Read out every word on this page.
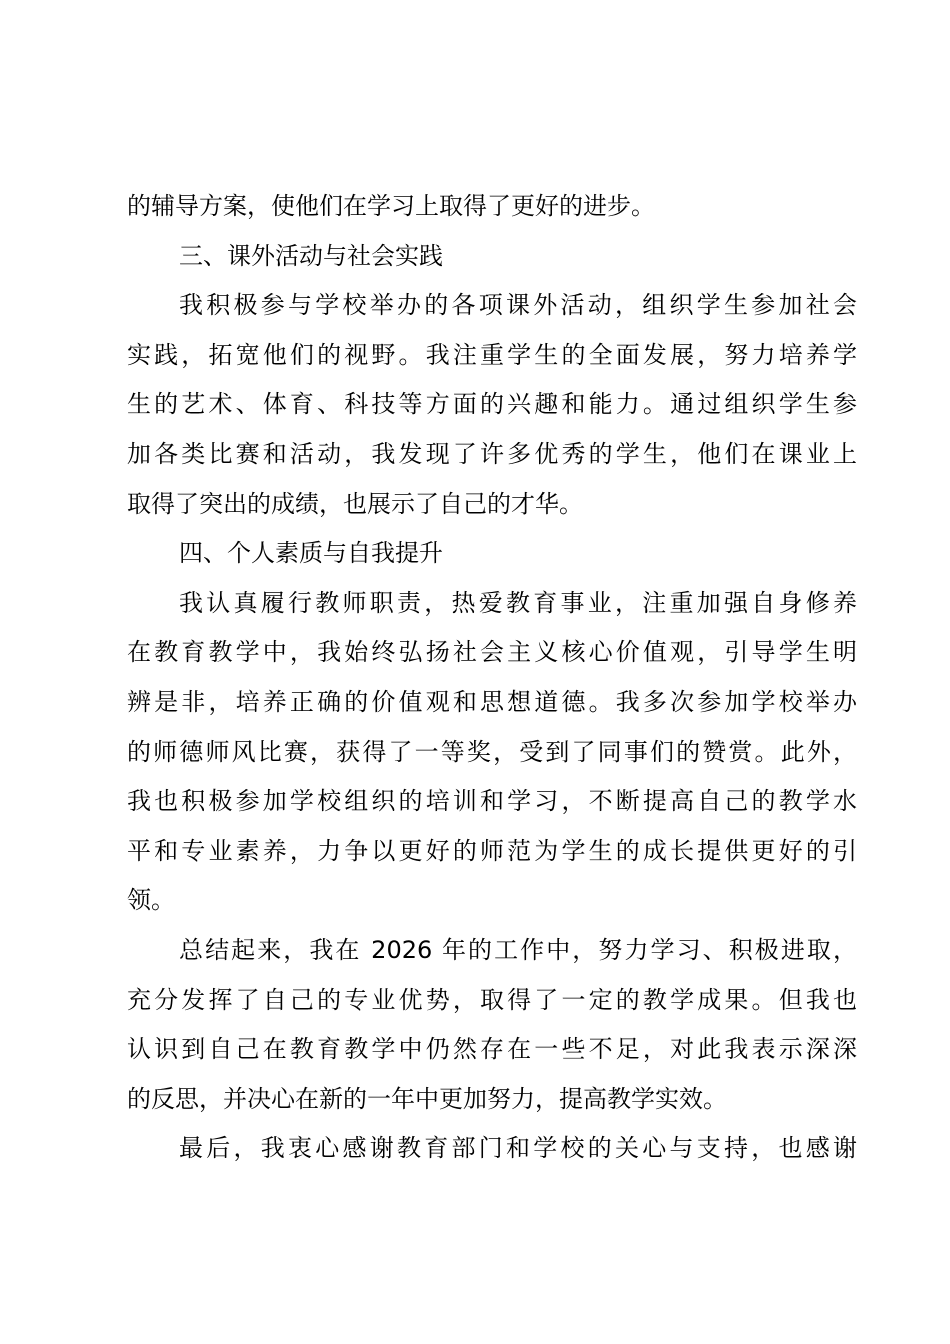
的辅导方案，使他们在学习上取得了更好的进步。
三、课外活动与社会实践
我积极参与学校举办的各项课外活动，组织学生参加社会
实践，拓宽他们的视野。我注重学生的全面发展，努力培养学
生的艺术、体育、科技等方面的兴趣和能力。通过组织学生参
加各类比赛和活动，我发现了许多优秀的学生，他们在课业上
取得了突出的成绩，也展示了自己的才华。
四、个人素质与自我提升
我认真履行教师职责，热爱教育事业，注重加强自身修养
在教育教学中，我始终弘扬社会主义核心价值观，引导学生明
辨是非，培养正确的价值观和思想道德。我多次参加学校举办
的师德师风比赛，获得了一等奖，受到了同事们的赞赏。此外，
我也积极参加学校组织的培训和学习，不断提高自己的教学水
平和专业素养，力争以更好的师范为学生的成长提供更好的引
领。
总结起来，我在 2026 年的工作中，努力学习、积极进取，
充分发挥了自己的专业优势，取得了一定的教学成果。但我也
认识到自己在教育教学中仍然存在一些不足，对此我表示深深
的反思，并决心在新的一年中更加努力，提高教学实效。
最后，我衷心感谢教育部门和学校的关心与支持，也感谢
